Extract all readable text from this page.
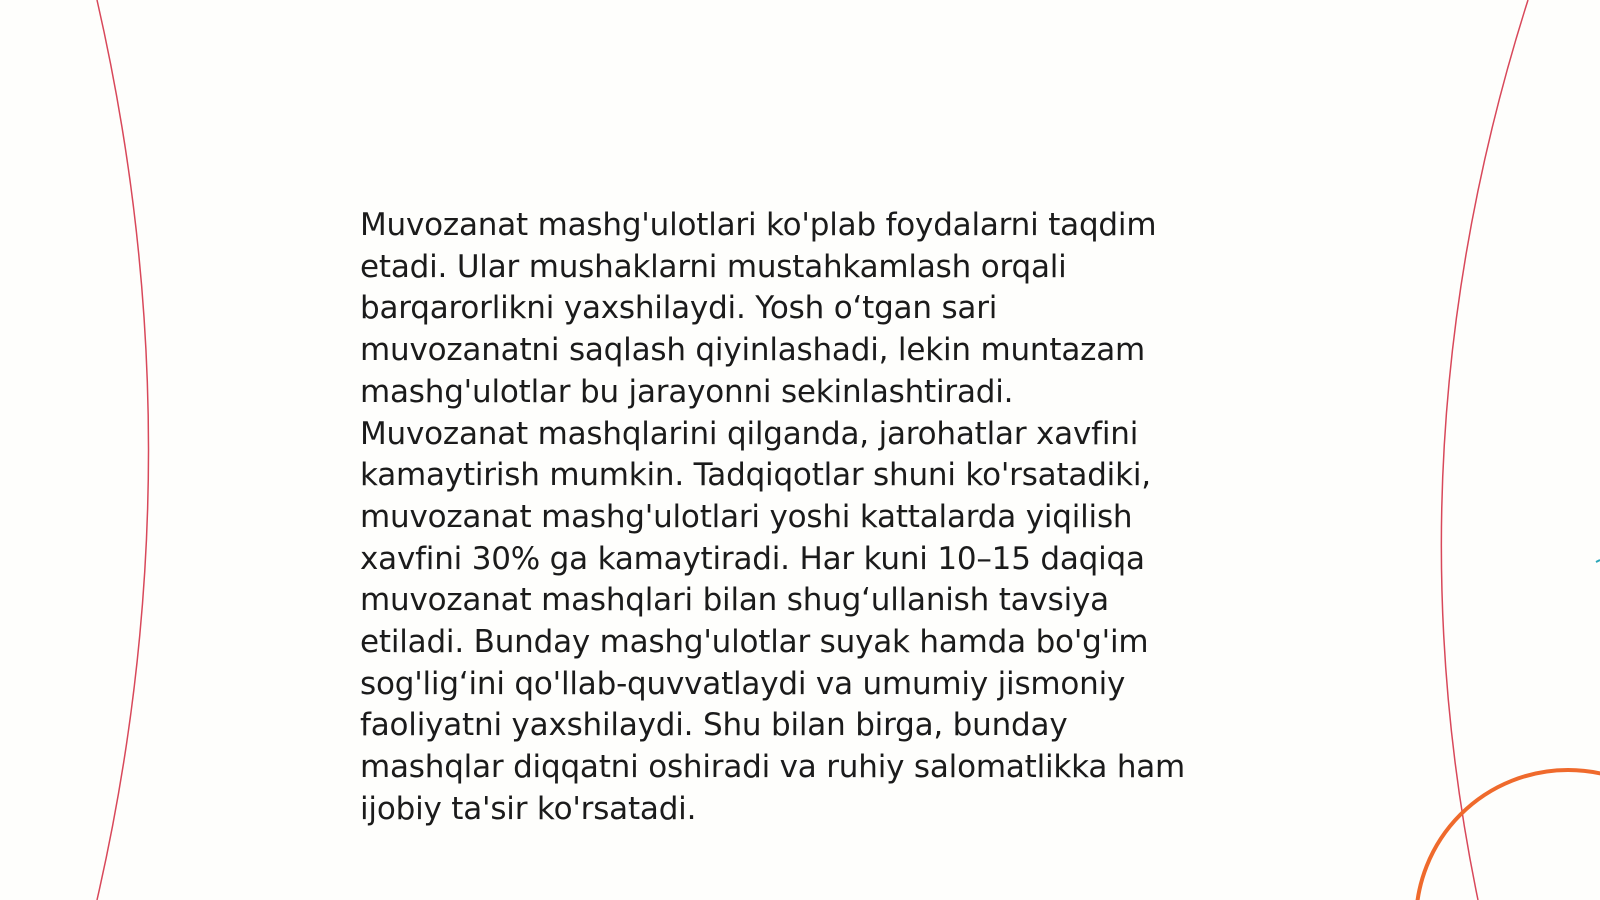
Muvozanat mashg'ulotlari ko'plab foydalarni taqdim
etadi. Ular mushaklarni mustahkamlash orqali
barqarorlikni yaxshilaydi. Yosh o‘tgan sari
muvozanatni saqlash qiyinlashadi, lekin muntazam
mashg'ulotlar bu jarayonni sekinlashtiradi.
Muvozanat mashqlarini qilganda, jarohatlar xavfini
kamaytirish mumkin. Tadqiqotlar shuni ko'rsatadiki,
muvozanat mashg'ulotlari yoshi kattalarda yiqilish
xavfini 30% ga kamaytiradi. Har kuni 10–15 daqiqa
muvozanat mashqlari bilan shug‘ullanish tavsiya
etiladi. Bunday mashg'ulotlar suyak hamda bo'g'im
sog'lig‘ini qo'llab-quvvatlaydi va umumiy jismoniy
faoliyatni yaxshilaydi. Shu bilan birga, bunday
mashqlar diqqatni oshiradi va ruhiy salomatlikka ham
ijobiy ta'sir ko'rsatadi.
